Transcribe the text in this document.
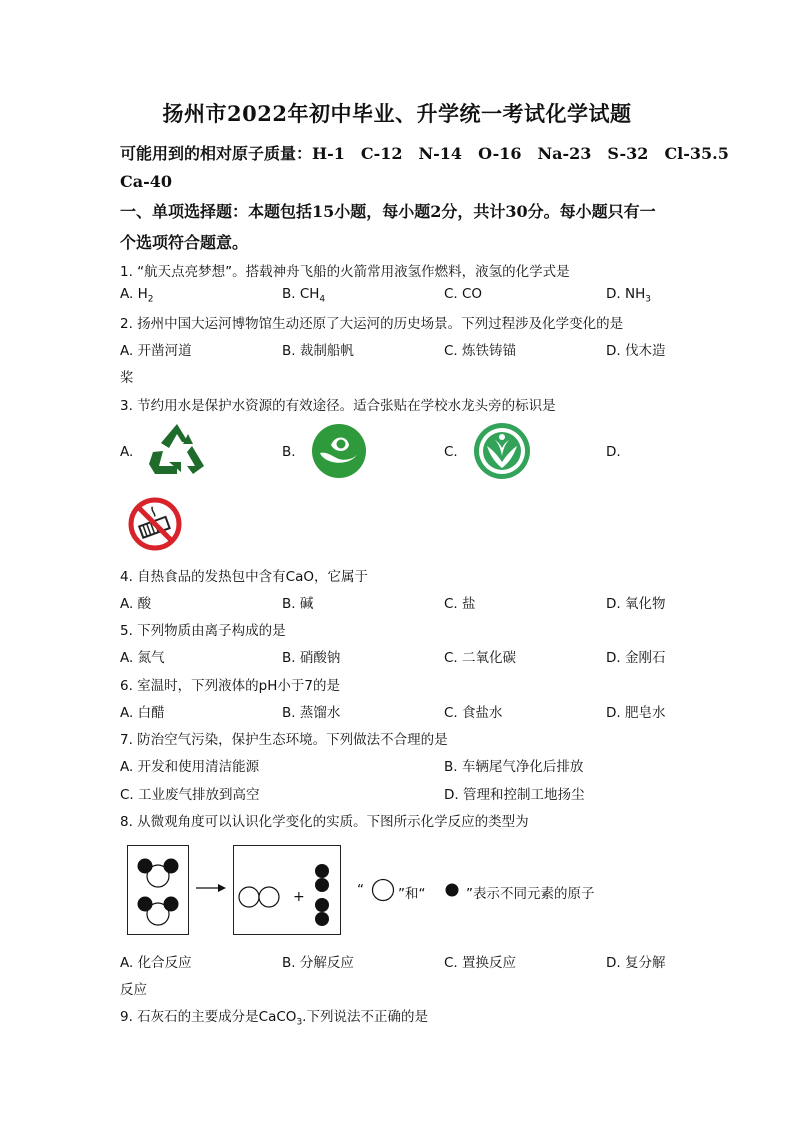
扬州市2022年初中毕业、升学统一考试化学试题
可能用到的相对原子质量：H-1　C-12　N-14　O-16　Na-23　S-32　Cl-35.5
Ca-40
一、单项选择题：本题包括15小题，每小题2分，共计30分。每小题只有一
个选项符合题意。
1. “航天点亮梦想”。搭载神舟飞船的火箭常用液氢作燃料，液氢的化学式是
A. $H_2$	B. $CH_4$	C. CO	D. $NH_3$
2. 扬州中国大运河博物馆生动还原了大运河的历史场景。下列过程涉及化学变化的是
A. 开凿河道	B. 裁制船帆	C. 炼铁铸锚	D. 伐木造
桨
3. 节约用水是保护水资源的有效途径。适合张贴在学校水龙头旁的标识是
A.	B.	C.	D.
4. 自热食品的发热包中含有CaO，它属于
A. 酸	B. 碱	C. 盐	D. 氧化物
5. 下列物质由离子构成的是
A. 氮气	B. 硝酸钠	C. 二氧化碳	D. 金刚石
6. 室温时，下列液体的pH小于7的是
A. 白醋	B. 蒸馏水	C. 食盐水	D. 肥皂水
7. 防治空气污染，保护生态环境。下列做法不合理的是
A. 开发和使用清洁能源	B. 车辆尾气净化后排放
C. 工业废气排放到高空	D. 管理和控制工地扬尘
8. 从微观角度可以认识化学变化的实质。下图所示化学反应的类型为
+	“	”和“	”表示不同元素的原子
A. 化合反应	B. 分解反应	C. 置换反应	D. 复分解
反应
9. 石灰石的主要成分是CaCO$_3$.下列说法不正确的是
